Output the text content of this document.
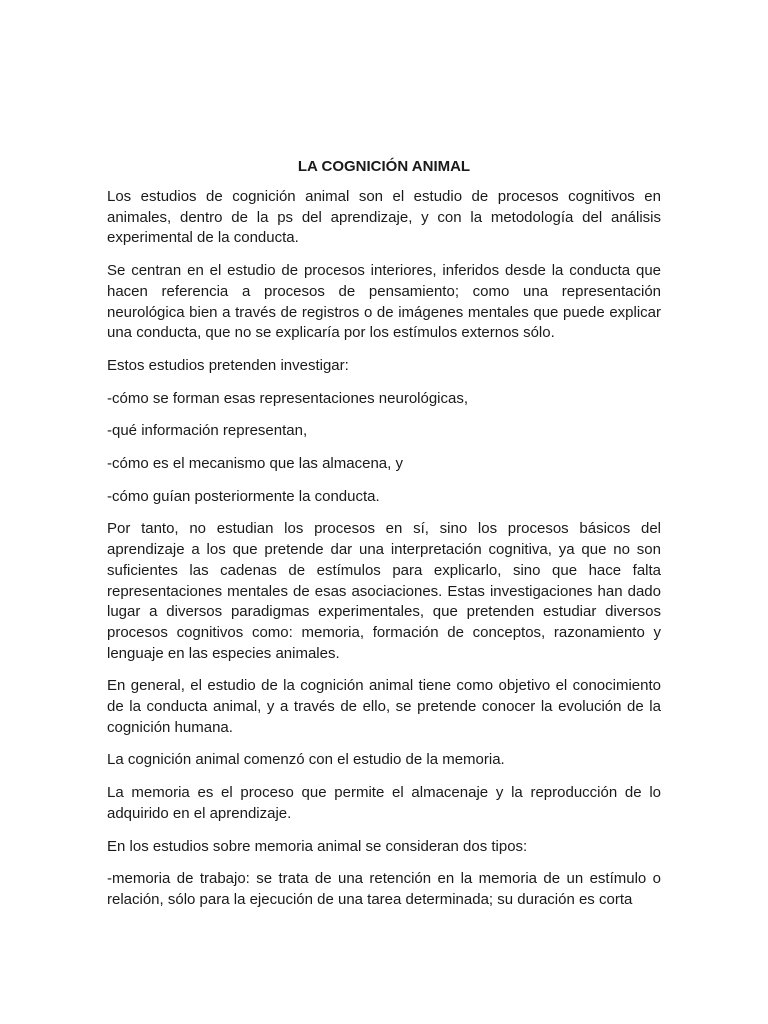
LA COGNICIÓN ANIMAL

Los estudios de cognición animal son el estudio de procesos cognitivos en animales, dentro de la ps del aprendizaje, y con la metodología del análisis experimental de la conducta.

Se centran en el estudio de procesos interiores, inferidos desde la conducta que hacen referencia a procesos de pensamiento; como una representación neurológica bien a través de registros o de imágenes mentales que puede explicar una conducta, que no se explicaría por los estímulos externos sólo.

Estos estudios pretenden investigar:

-cómo se forman esas representaciones neurológicas,

-qué información representan,

-cómo es el mecanismo que las almacena, y

-cómo guían posteriormente la conducta.

Por tanto, no estudian los procesos en sí, sino los procesos básicos del aprendizaje a los que pretende dar una interpretación cognitiva, ya que no son suficientes las cadenas de estímulos para explicarlo, sino que hace falta representaciones mentales de esas asociaciones. Estas investigaciones han dado lugar a diversos paradigmas experimentales, que pretenden estudiar diversos procesos cognitivos como: memoria, formación de conceptos, razonamiento y lenguaje en las especies animales.

En general, el estudio de la cognición animal tiene como objetivo el conocimiento de la conducta animal, y a través de ello, se pretende conocer la evolución de la cognición humana.

La cognición animal comenzó con el estudio de la memoria.

La memoria es el proceso que permite el almacenaje y la reproducción de lo adquirido en el aprendizaje.

En los estudios sobre memoria animal se consideran dos tipos:

-memoria de trabajo: se trata de una retención en la memoria de un estímulo o relación, sólo para la ejecución de una tarea determinada; su duración es corta
